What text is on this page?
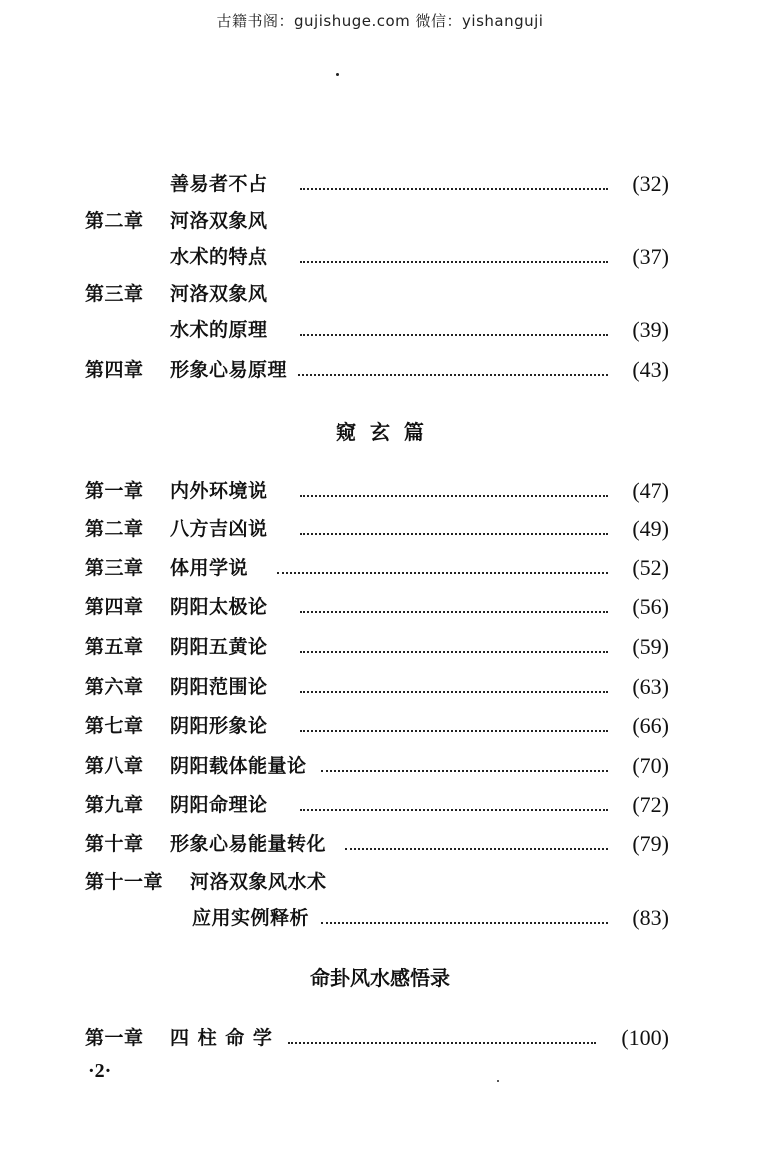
古籍书阁：gujishuge.com 微信：yishanguji
善易者不占	(32)
第二章 河洛双象风
水术的特点	(37)
第三章 河洛双象风
水术的原理	(39)
第四章 形象心易原理	(43)
窥  玄  篇
第一章 内外环境说	(47)
第二章 八方吉凶说	(49)
第三章 体用学说	(52)
第四章 阴阳太极论	(56)
第五章 阴阳五黄论	(59)
第六章 阴阳范围论	(63)
第七章 阴阳形象论	(66)
第八章 阴阳载体能量论	(70)
第九章 阴阳命理论	(72)
第十章 形象心易能量转化	(79)
第十一章 河洛双象风水术
应用实例释析	(83)
命卦风水感悟录
第一章 四 柱 命 学	(100)
·2·
